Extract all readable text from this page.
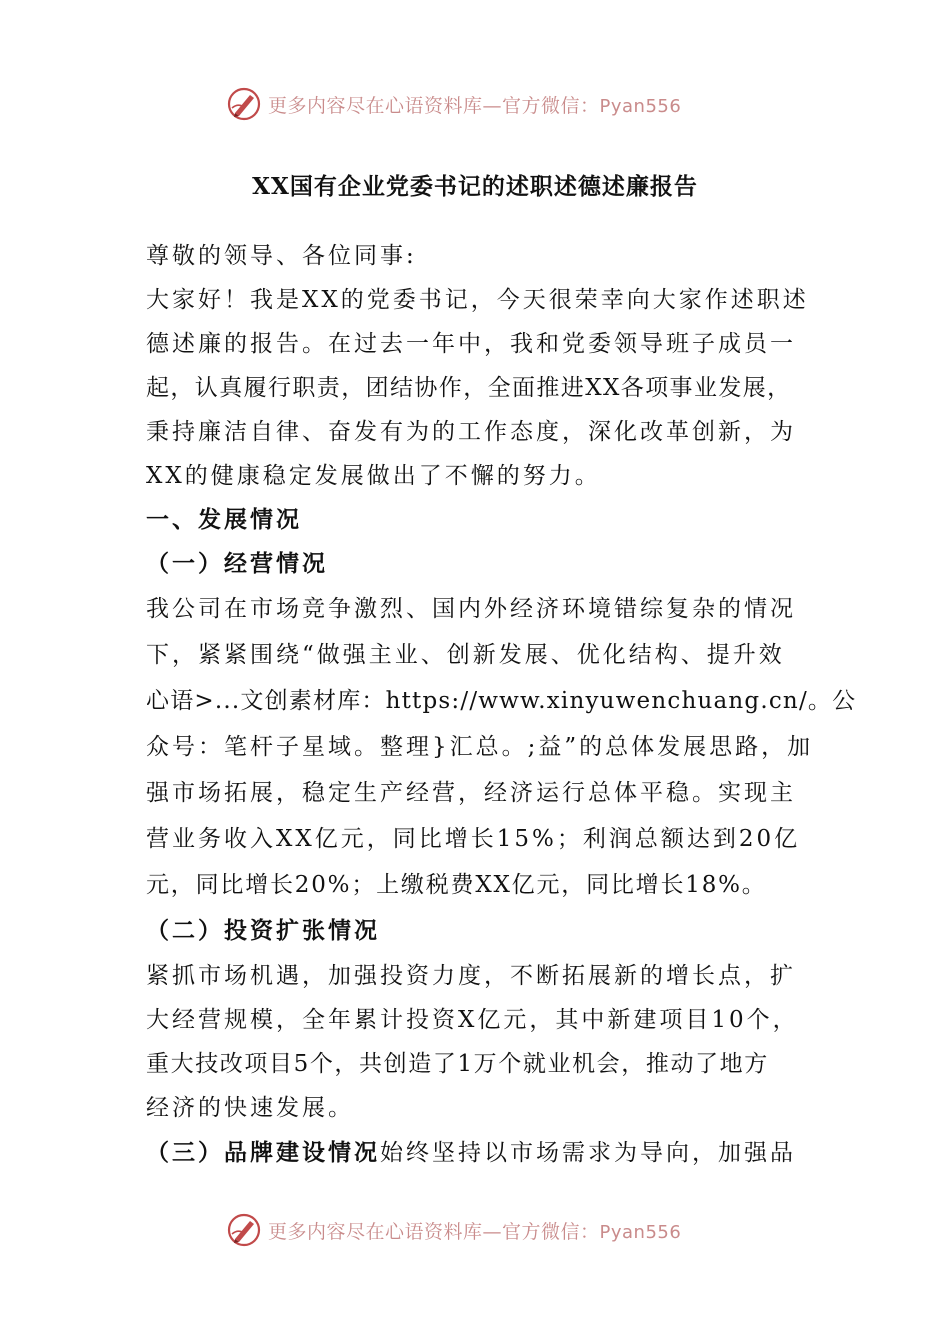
更多内容尽在心语资料库—官方微信：Pyan556
XX国有企业党委书记的述职述德述廉报告
尊敬的领导、各位同事:
大家好！我是XX的党委书记，今天很荣幸向大家作述职述
德述廉的报告。在过去一年中，我和党委领导班子成员一
起，认真履行职责，团结协作，全面推进XX各项事业发展，
秉持廉洁自律、奋发有为的工作态度，深化改革创新，为
XX的健康稳定发展做出了不懈的努力。
一、发展情况
（一）经营情况
我公司在市场竞争激烈、国内外经济环境错综复杂的情况
下，紧紧围绕“做强主业、创新发展、优化结构、提升效
心语>...文创素材库：https://www.xinyuwenchuang.cn/。公
众号：笔杆子星域。整理}汇总。;益”的总体发展思路，加
强市场拓展，稳定生产经营，经济运行总体平稳。实现主
营业务收入XX亿元，同比增长15%；利润总额达到20亿
元，同比增长20%；上缴税费XX亿元，同比增长18%。
（二）投资扩张情况
紧抓市场机遇，加强投资力度，不断拓展新的增长点，扩
大经营规模，全年累计投资X亿元，其中新建项目10个，
重大技改项目5个，共创造了1万个就业机会，推动了地方
经济的快速发展。
（三）品牌建设情况始终坚持以市场需求为导向，加强品
更多内容尽在心语资料库—官方微信：Pyan556
